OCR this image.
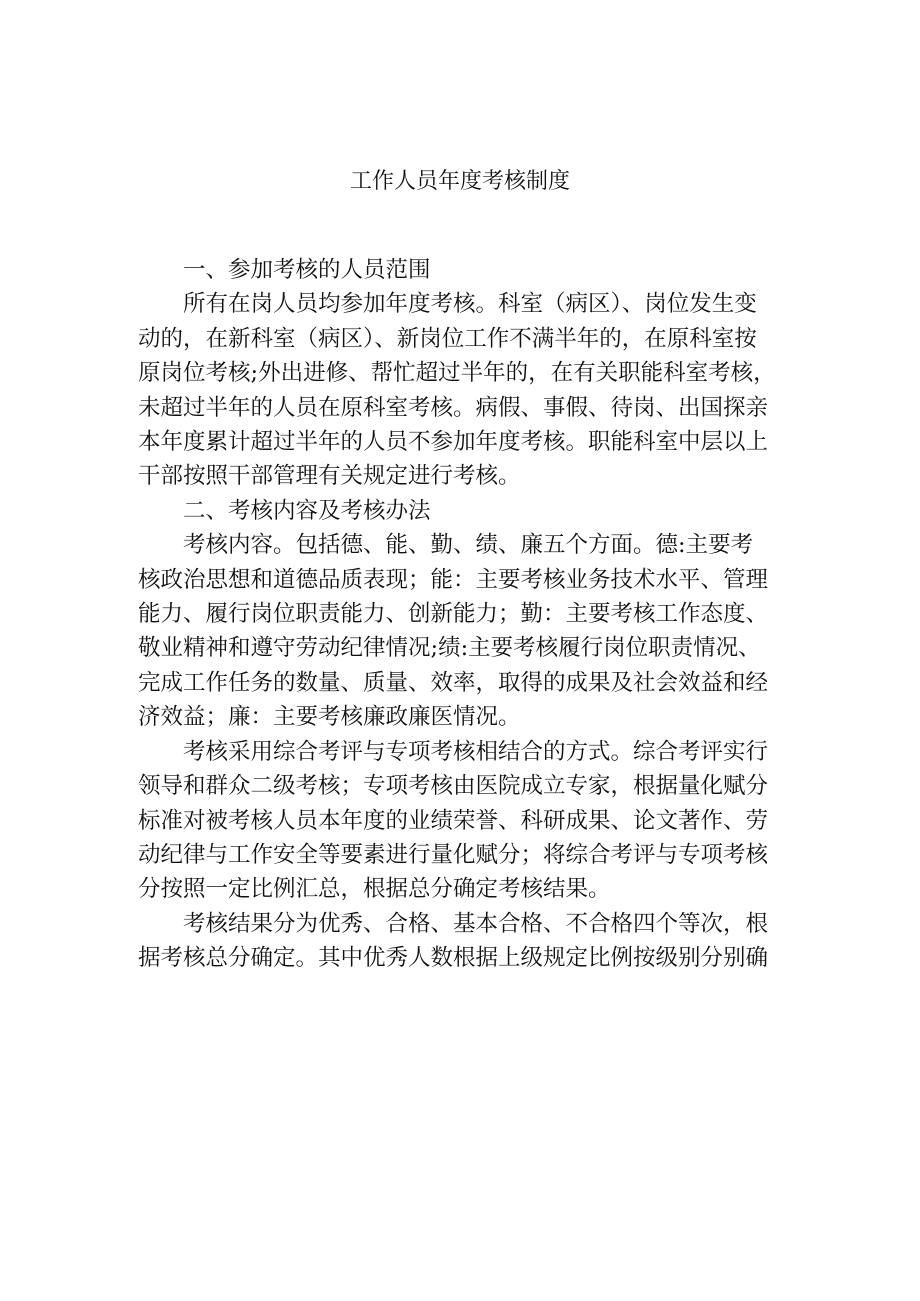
工作人员年度考核制度

一、参加考核的人员范围

所有在岗人员均参加年度考核。科室（病区）、岗位发生变
动的，在新科室（病区）、新岗位工作不满半年的，在原科室按
原岗位考核;外出进修、帮忙超过半年的，在有关职能科室考核，
未超过半年的人员在原科室考核。病假、事假、待岗、出国探亲
本年度累计超过半年的人员不参加年度考核。职能科室中层以上
干部按照干部管理有关规定进行考核。

二、考核内容及考核办法

考核内容。包括德、能、勤、绩、廉五个方面。德:主要考
核政治思想和道德品质表现；能：主要考核业务技术水平、管理
能力、履行岗位职责能力、创新能力；勤：主要考核工作态度、
敬业精神和遵守劳动纪律情况;绩:主要考核履行岗位职责情况、
完成工作任务的数量、质量、效率，取得的成果及社会效益和经
济效益；廉：主要考核廉政廉医情况。

考核采用综合考评与专项考核相结合的方式。综合考评实行
领导和群众二级考核；专项考核由医院成立专家，根据量化赋分
标准对被考核人员本年度的业绩荣誉、科研成果、论文著作、劳
动纪律与工作安全等要素进行量化赋分；将综合考评与专项考核
分按照一定比例汇总，根据总分确定考核结果。

考核结果分为优秀、合格、基本合格、不合格四个等次，根
据考核总分确定。其中优秀人数根据上级规定比例按级别分别确
